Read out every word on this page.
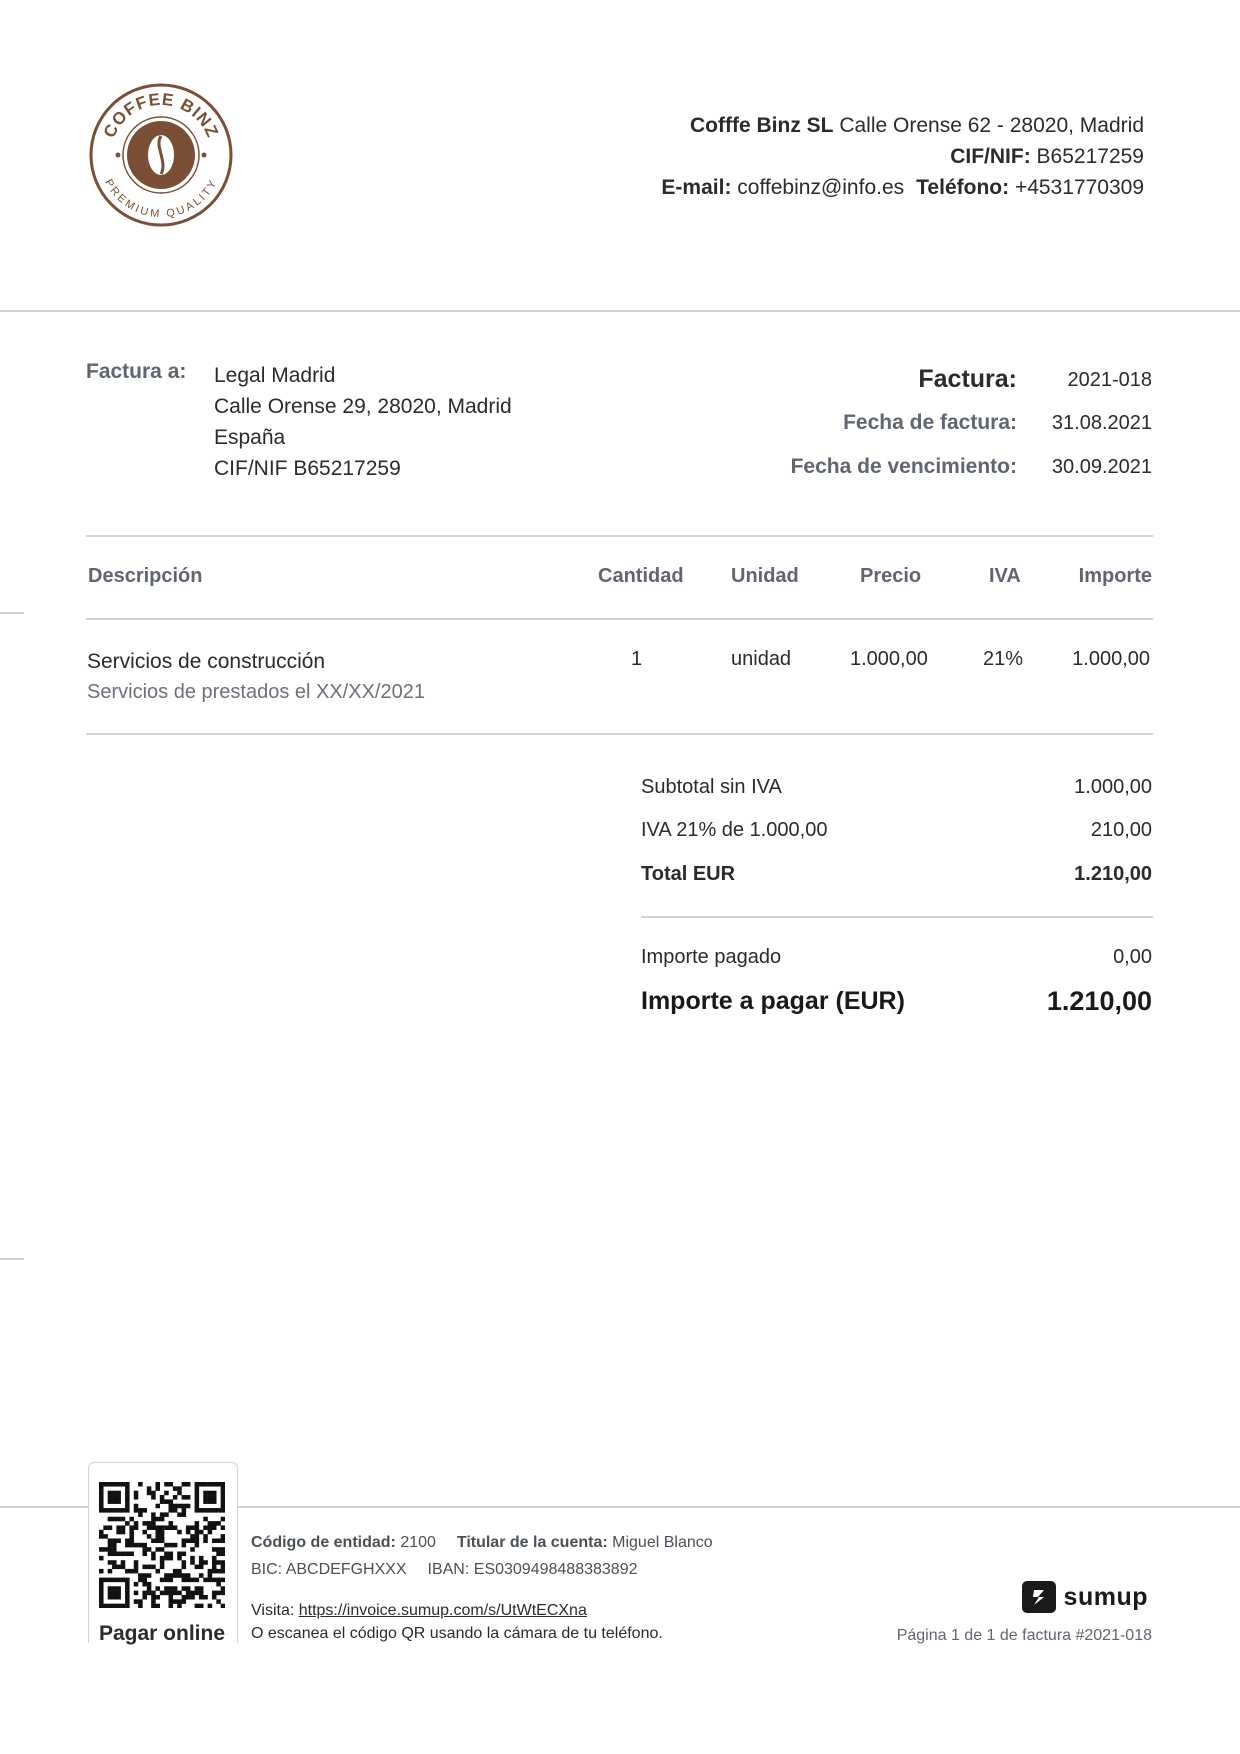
COFFEE BINZ
PREMIUM QUALITY
Cofffe Binz SL Calle Orense 62 - 28020, Madrid
CIF/NIF: B65217259
E-mail: coffebinz@info.es Teléfono: +4531770309
Factura a: Legal Madrid
Calle Orense 29, 28020, Madrid
España
CIF/NIF B65217259
Factura:	2021-018
Fecha de factura: 31.08.2021
Fecha de vencimiento: 30.09.2021
Descripción	Cantidad Unidad	Precio	IVA	Importe
Servicios de construcción
Servicios de prestados el XX/XX/2021
1	unidad	1.000,00	21% 1.000,00
Subtotal sin IVA	1.000,00
IVA 21% de 1.000,00	210,00
Total EUR	1.210,00
Importe pagado	0,00
Importe a pagar (EUR)	1.210,00
Pagar online
Código de entidad: 2100 Titular de la cuenta: Miguel Blanco
BIC: ABCDEFGHXXX IBAN: ES0309498488383892
Visita: https://invoice.sumup.com/s/UtWtECXna
O escanea el código QR usando la cámara de tu teléfono.
sumup
Página 1 de 1 de factura #2021-018
